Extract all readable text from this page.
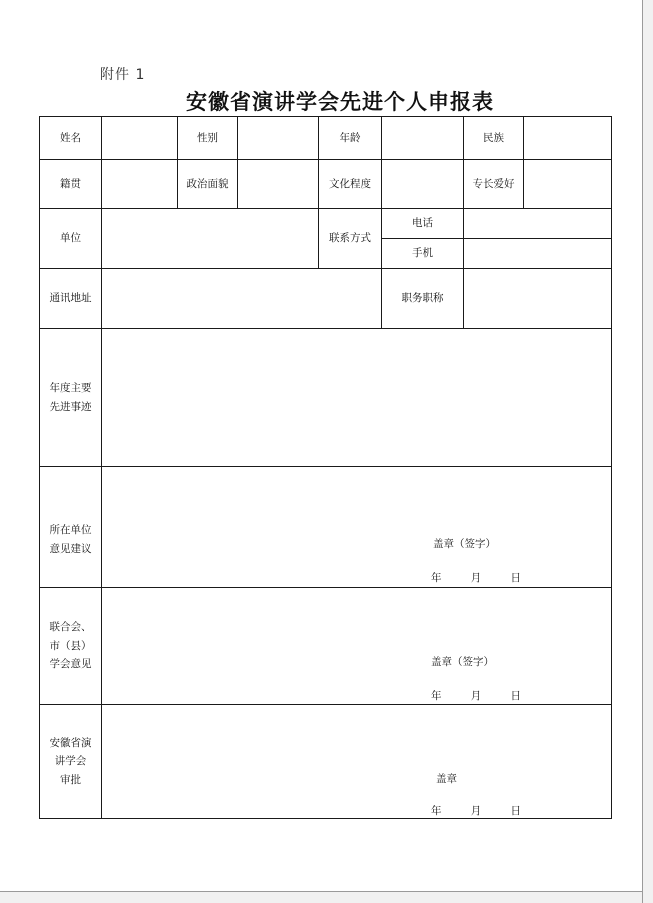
附件 1
安徽省演讲学会先进个人申报表
姓名	性别	年龄	民族
籍贯	政治面貌	文化程度	专长爱好
单位	联系方式
电话
手机
通讯地址	职务职称
年度主要
先进事迹
所在单位
意见建议	盖章（签字）
年	月	日
联合会、
市（县）
学会意见	盖章（签字）
年	月	日
安徽省演
讲学会
审批	盖章
年	月	日
